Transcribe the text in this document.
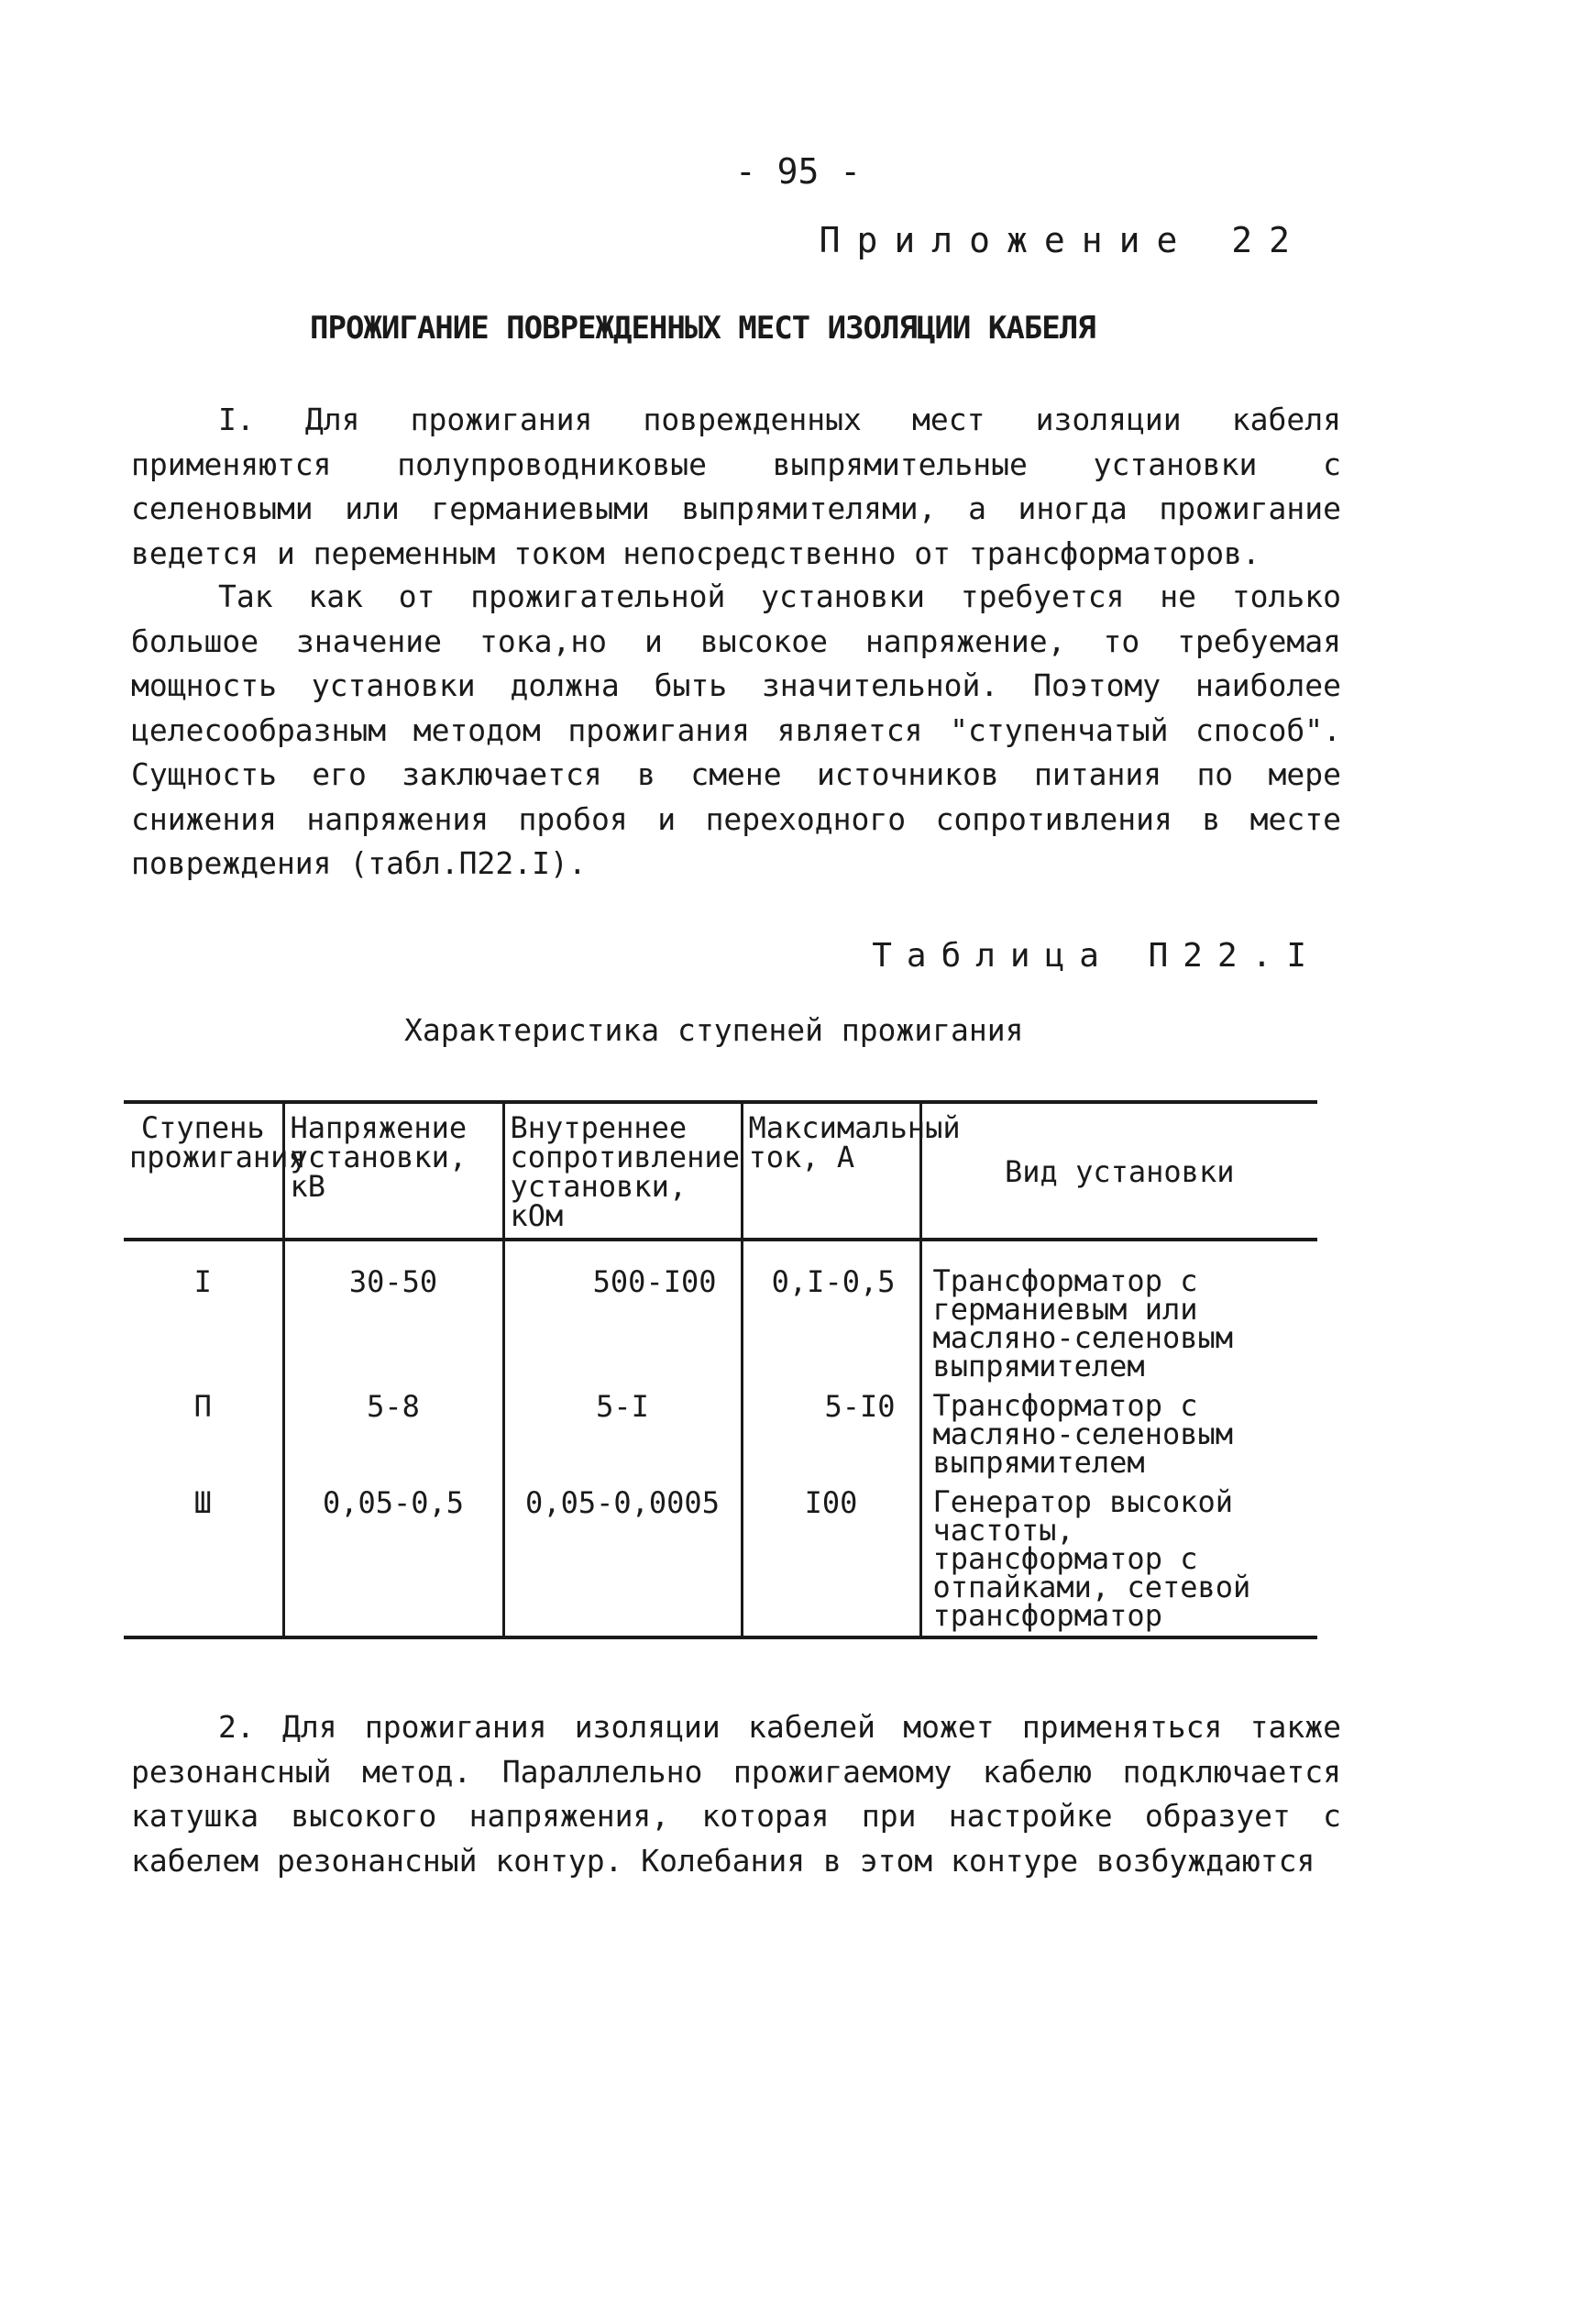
- 95 -
Приложение 22
ПРОЖИГАНИЕ ПОВРЕЖДЕННЫХ МЕСТ ИЗОЛЯЦИИ КАБЕЛЯ

I. Для прожигания поврежденных мест изоляции кабеля применяются полупроводниковые выпрямительные установки с селеновыми или германиевыми выпрямителями, а иногда прожигание ведется и переменным током непосредственно от трансформаторов.

Так как от прожигательной установки требуется не только большое значение тока,но и высокое напряжение, то требуемая мощность установки должна быть значительной. Поэтому наиболее целесообразным методом прожигания является "ступенчатый способ". Сущность его заключается в смене источников питания по мере снижения напряжения пробоя и переходного сопротивления в месте повреждения (табл.П22.I).

Таблица П22.I
Характеристика ступеней прожигания
Ступень прожигания	Напряжение установки, кВ	Внутреннее сопротивление установки, кОм	Максимальный ток, А	Вид установки
I	30-50	500-I00	0,I-0,5	Трансформатор с германиевым или масляно-селеновым выпрямителем
П	5-8	5-I	5-I0	Трансформатор с масляно-селеновым выпрямителем
Ш	0,05-0,5	0,05-0,0005	I00	Генератор высокой частоты, трансформатор с отпайками, сетевой трансформатор

2. Для прожигания изоляции кабелей может применяться также резонансный метод. Параллельно прожигаемому кабелю подключается катушка высокого напряжения, которая при настройке образует с кабелем резонансный контур. Колебания в этом контуре возбуждаются
